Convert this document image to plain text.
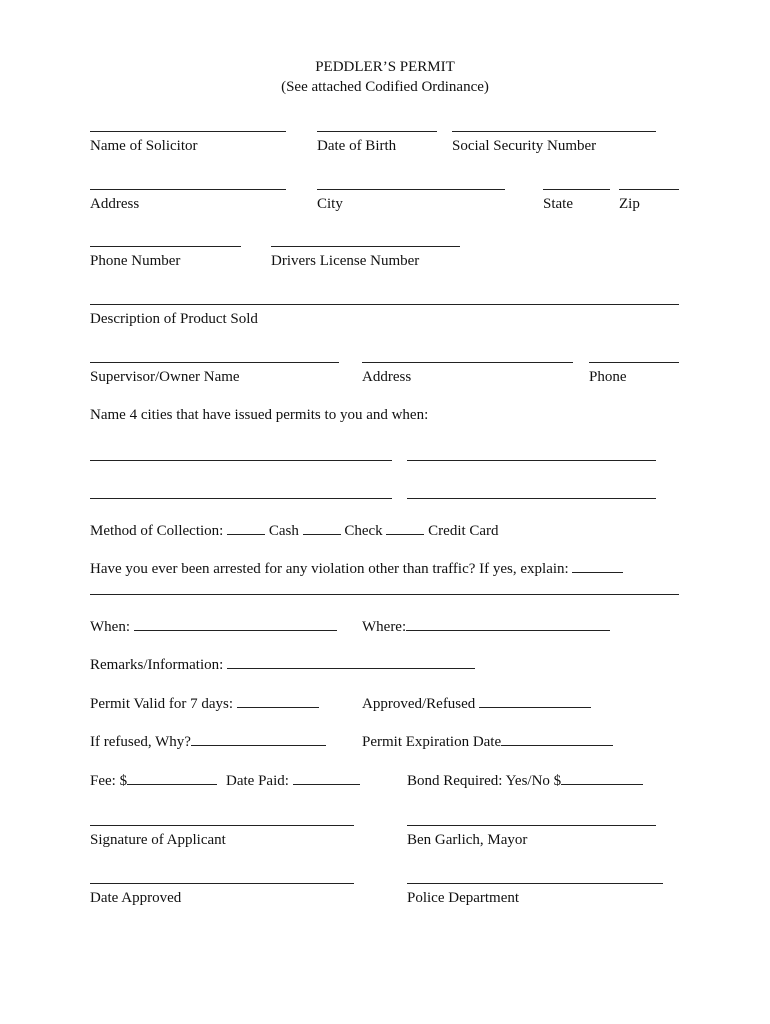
PEDDLER’S PERMIT
(See attached Codified Ordinance)
Name of Solicitor	Date of Birth	Social Security Number
Address	City	State	Zip
Phone Number	Drivers License Number
Description of Product Sold
Supervisor/Owner Name	Address	Phone
Name 4 cities that have issued permits to you and when:
Method of Collection:	Cash	Check	Credit Card
Have you ever been arrested for any violation other than traffic? If yes, explain:
When:	Where:
Remarks/Information:
Permit Valid for 7 days:	Approved/Refused
If refused, Why?	Permit Expiration Date
Fee: $	Date Paid:	Bond Required: Yes/No $
Signature of Applicant	Ben Garlich, Mayor
Date Approved	Police Department
